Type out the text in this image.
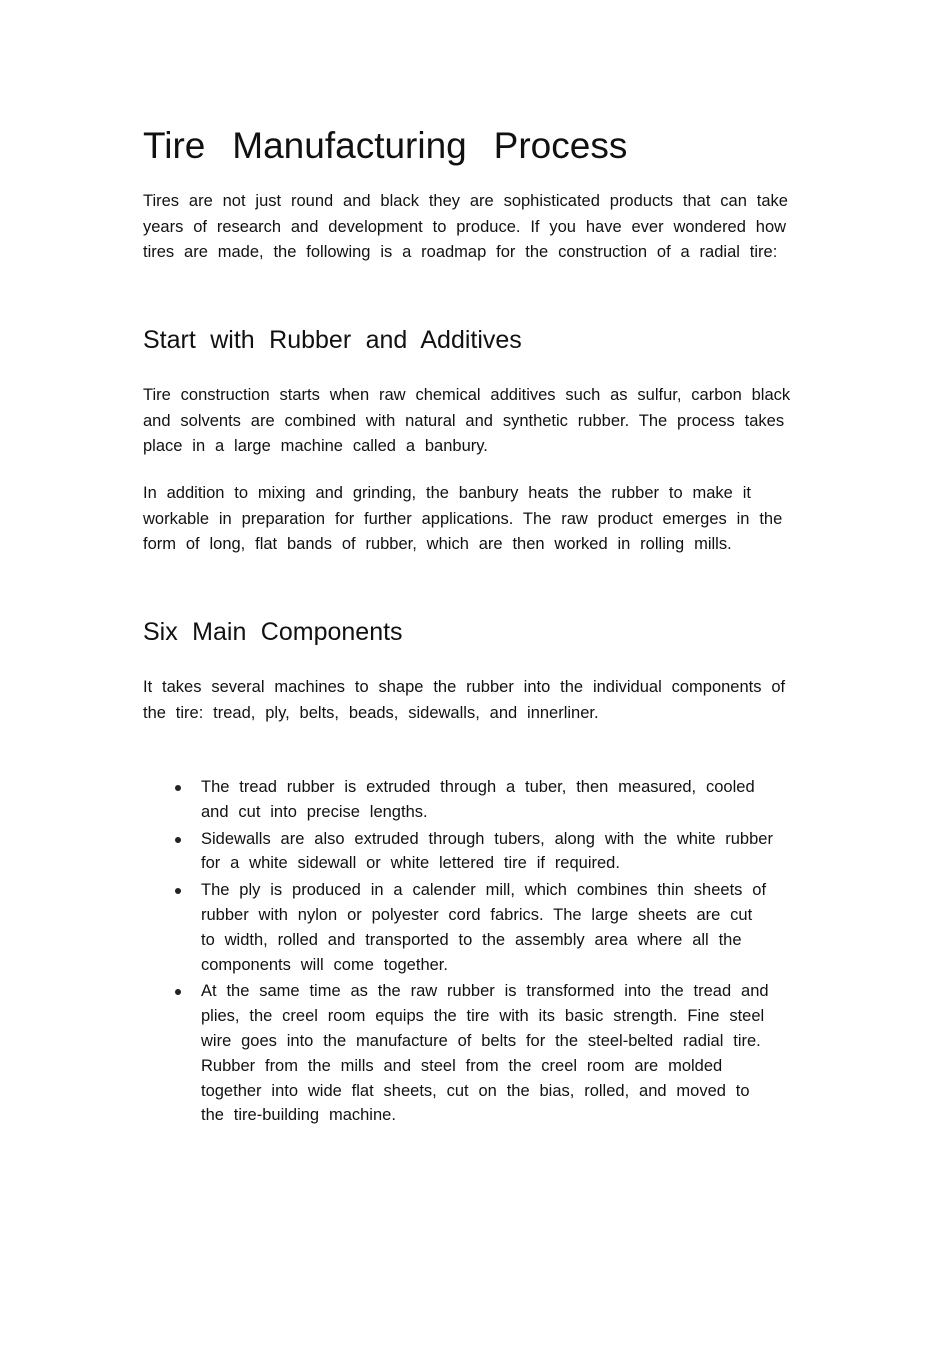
Tire Manufacturing Process

Tires are not just round and black they are sophisticated products that can take years of research and development to produce. If you have ever wondered how tires are made, the following is a roadmap for the construction of a radial tire:

Start with Rubber and Additives

Tire construction starts when raw chemical additives such as sulfur, carbon black and solvents are combined with natural and synthetic rubber. The process takes place in a large machine called a banbury.

In addition to mixing and grinding, the banbury heats the rubber to make it workable in preparation for further applications. The raw product emerges in the form of long, flat bands of rubber, which are then worked in rolling mills.

Six Main Components

It takes several machines to shape the rubber into the individual components of the tire: tread, ply, belts, beads, sidewalls, and innerliner.

The tread rubber is extruded through a tuber, then measured, cooled and cut into precise lengths.
Sidewalls are also extruded through tubers, along with the white rubber for a white sidewall or white lettered tire if required.
The ply is produced in a calender mill, which combines thin sheets of rubber with nylon or polyester cord fabrics. The large sheets are cut to width, rolled and transported to the assembly area where all the components will come together.
At the same time as the raw rubber is transformed into the tread and plies, the creel room equips the tire with its basic strength. Fine steel wire goes into the manufacture of belts for the steel-belted radial tire. Rubber from the mills and steel from the creel room are molded together into wide flat sheets, cut on the bias, rolled, and moved to the tire-building machine.
